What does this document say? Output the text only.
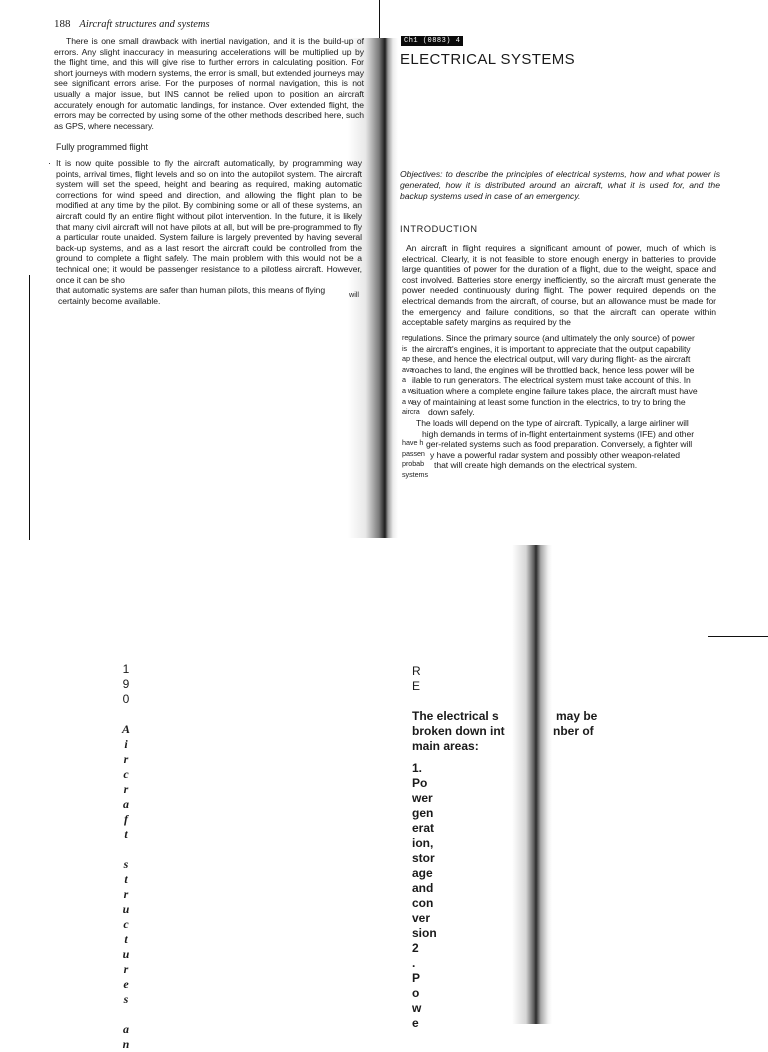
188 Aircraft structures and systems
There is one small drawback with inertial navigation, and it is the build-up of errors. Any slight inaccuracy in measuring accelerations will be multiplied up by the flight time, and this will give rise to further errors in calculating position. For short journeys with modern systems, the error is small, but extended journeys may see significant errors arise. For the purposes of normal navigation, this is not usually a major issue, but INS cannot be relied upon to position an aircraft accurately enough for automatic landings, for instance. Over extended flight, the errors may be corrected by using some of the other methods described here, such as GPS, where necessary.
Fully programmed flight
· It is now quite possible to fly the aircraft automatically, by programming way points, arrival times, flight levels and so on into the autopilot system. The aircraft system will set the speed, height and bearing as required, making automatic corrections for wind speed and direction, and allowing the flight plan to be modified at any time by the pilot. By combining some or all of these systems, an aircraft could fly an entire flight without pilot intervention. In the future, it is likely that many civil aircraft will not have pilots at all, but will be pre-programmed to fly a particular route unaided. System failure is largely prevented by having several back-up systems, and as a last resort the aircraft could be controlled from the ground to complete a flight safely. The main problem with this would not be a technical one; it would be passenger resistance to a pilotless aircraft. However, once it can be sho
that automatic systems are safer than human pilots, this means of flying
certainly become available.
will
Ch1 (0883) 4
ELECTRICAL SYSTEMS
Objectives: to describe the principles of electrical systems, how and what power is generated, how it is distributed around an aircraft, what it is used for, and the backup systems used in case of an emergency.
INTRODUCTION
An aircraft in flight requires a significant amount of power, much of which is electrical. Clearly, it is not feasible to store enough energy in batteries to provide large quantities of power for the duration of a flight, due to the weight, space and cost involved. Batteries store energy inefficiently, so the aircraft must generate the power needed continuously during flight. The power required depends on the electrical demands from the aircraft, of course, but an allowance must be made for the emergency and failure conditions, so that the aircraft can operate within acceptable safety margins as required by the
reg
is
ap
ava
a
a w
a w
aircra
ulations. Since the primary source (and ultimately the only source) of power
the aircraft's engines, it is important to appreciate that the output capability
these, and hence the electrical output, will vary during flight- as the aircraft
roaches to land, the engines will be throttled back, hence less power will be
ilable to run generators. The electrical system must take account of this. In
situation where a complete engine failure takes place, the aircraft must have
ay of maintaining at least some function in the electrics, to try to bring the
down safely.
have h
passen
probab
systems
The loads will depend on the type of aircraft. Typically, a large airliner will
high demands in terms of in-flight entertainment systems (IFE) and other
ger-related systems such as food preparation. Conversely, a fighter will
y have a powerful radar system and possibly other weapon-related
that will create high demands on the electrical system.
1
9
0
A
i
r
c
r
a
f
t
s
t
r
u
c
t
u
r
e
s
a
n
R
E
The electrical s
broken down int
main areas:
may be
nber of
1.
Po
wer
gen
erat
ion,
stor
age
and
con
ver
sion
2
.
P
o
w
e
